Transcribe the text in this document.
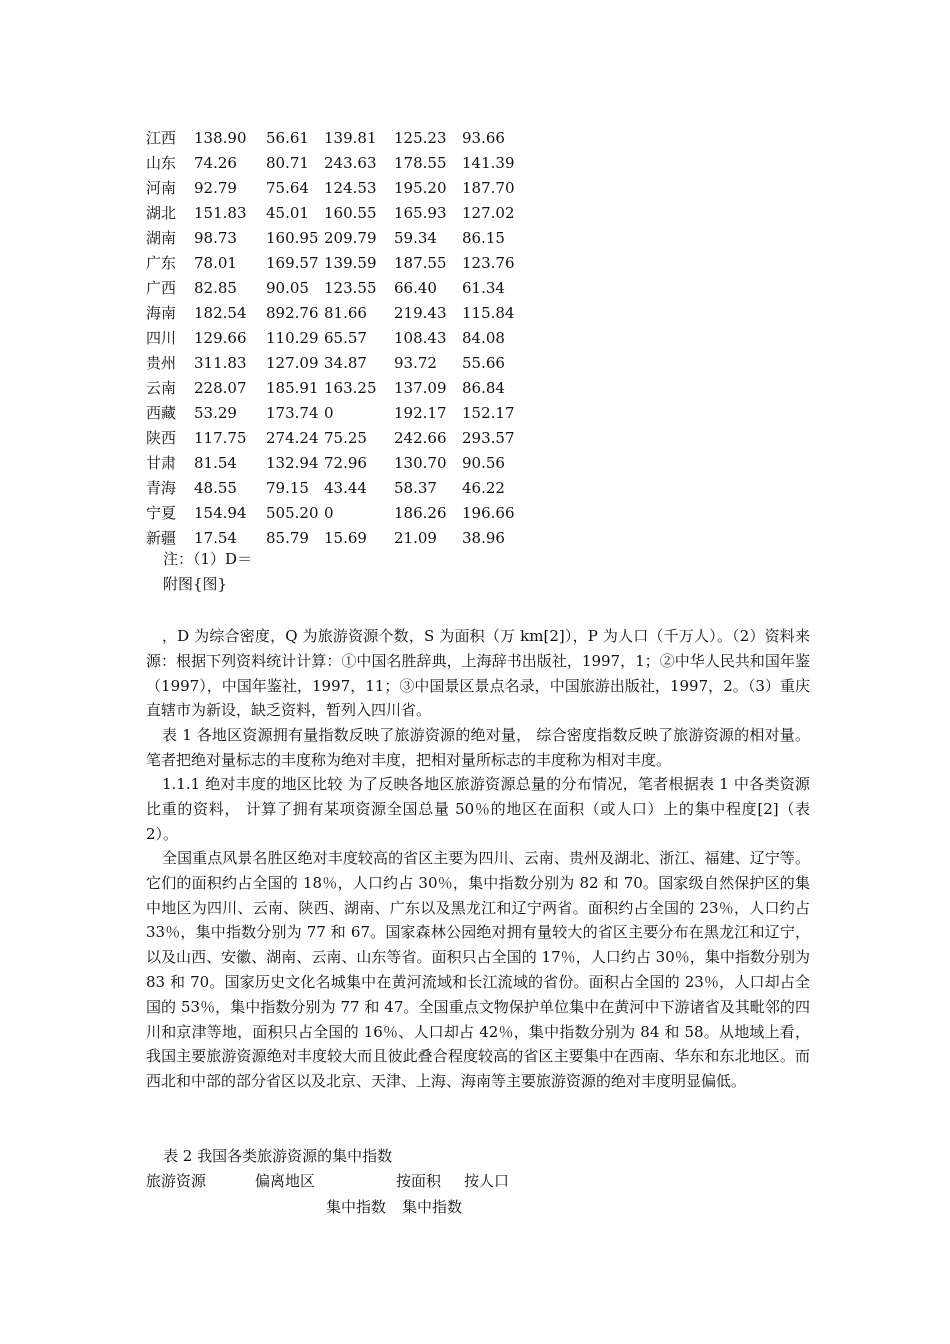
江西 138.90 56.61 139.81 125.23 93.66
山东 74.26 80.71 243.63 178.55 141.39
河南 92.79 75.64 124.53 195.20 187.70
湖北 151.83 45.01 160.55 165.93 127.02
湖南 98.73 160.95 209.79 59.34 86.15
广东 78.01 169.57 139.59 187.55 123.76
广西 82.85 90.05 123.55 66.40 61.34
海南 182.54 892.76 81.66 219.43 115.84
四川 129.66 110.29 65.57 108.43 84.08
贵州 311.83 127.09 34.87 93.72 55.66
云南 228.07 185.91 163.25 137.09 86.84
西藏 53.29 173.74 0	192.17 152.17
陕西 117.75 274.24 75.25 242.66 293.57
甘肃 81.54 132.94 72.96 130.70 90.56
青海 48.55 79.15 43.44 58.37 46.22
宁夏 154.94 505.20 0	186.26 196.66
新疆 17.54 85.79 15.69 21.09 38.96
注：（1）D＝
附图{图}
，D 为综合密度，Q 为旅游资源个数，S 为面积（万 km[2]），P 为人口（千万人）。（2）资料来源：根据下列资料统计计算：①中国名胜辞典，上海辞书出版社，1997，1；②中华人民共和国年鉴（1997），中国年鉴社，1997，11；③中国景区景点名录，中国旅游出版社，1997，2。（3）重庆直辖市为新设，缺乏资料，暂列入四川省。
表 1 各地区资源拥有量指数反映了旅游资源的绝对量， 综合密度指数反映了旅游资源的相对量。笔者把绝对量标志的丰度称为绝对丰度，把相对量所标志的丰度称为相对丰度。
1.1.1 绝对丰度的地区比较 为了反映各地区旅游资源总量的分布情况，笔者根据表 1 中各类资源比重的资料， 计算了拥有某项资源全国总量 50％的地区在面积（或人口）上的集中程度[2]（表 2）。
全国重点风景名胜区绝对丰度较高的省区主要为四川、云南、贵州及湖北、浙江、福建、辽宁等。它们的面积约占全国的 18％，人口约占 30％，集中指数分别为 82 和 70。国家级自然保护区的集中地区为四川、云南、陕西、湖南、广东以及黑龙江和辽宁两省。面积约占全国的 23％，人口约占 33％，集中指数分别为 77 和 67。国家森林公园绝对拥有量较大的省区主要分布在黑龙江和辽宁，以及山西、安徽、湖南、云南、山东等省。面积只占全国的 17％，人口约占 30％，集中指数分别为 83 和 70。国家历史文化名城集中在黄河流域和长江流域的省份。面积占全国的 23％，人口却占全国的 53％，集中指数分别为 77 和 47。全国重点文物保护单位集中在黄河中下游诸省及其毗邻的四川和京津等地，面积只占全国的 16％、人口却占 42％，集中指数分别为 84 和 58。从地域上看，我国主要旅游资源绝对丰度较大而且彼此叠合程度较高的省区主要集中在西南、华东和东北地区。而西北和中部的部分省区以及北京、天津、上海、海南等主要旅游资源的绝对丰度明显偏低。
表 2 我国各类旅游资源的集中指数
旅游资源	偏离地区	按面积 按人口
集中指数 集中指数
